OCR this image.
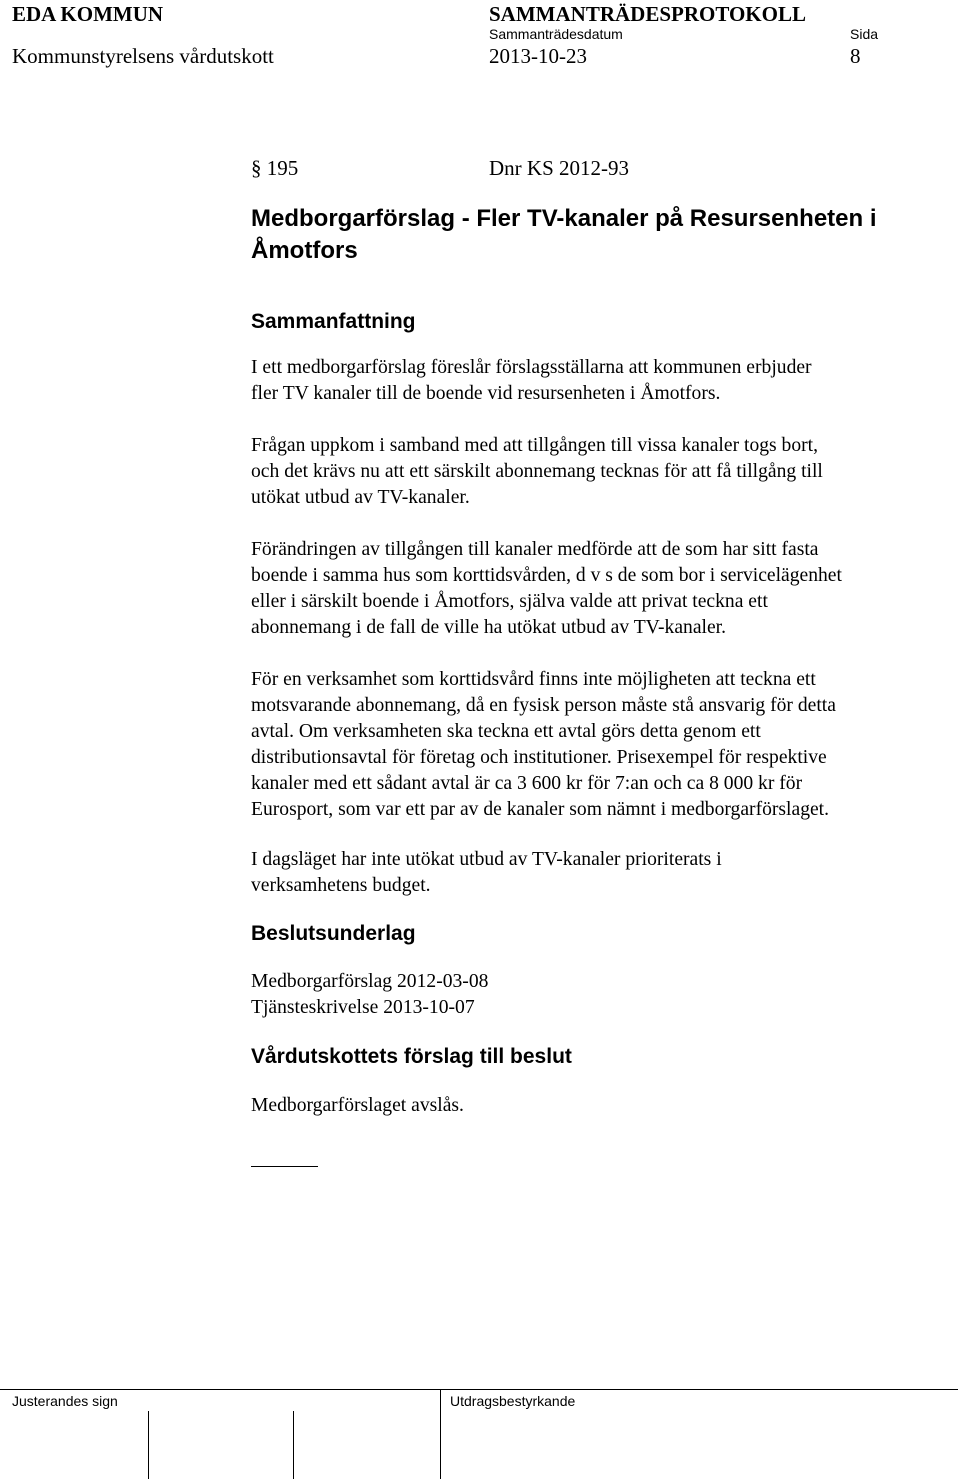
EDA KOMMUN	SAMMANTRÄDESPROTOKOLL
Sammanträdesdatum	Sida
Kommunstyrelsens vårdutskott	2013-10-23	8
§ 195	Dnr KS 2012-93
Medborgarförslag - Fler TV-kanaler på Resursenheten i Åmotfors
Sammanfattning
I ett medborgarförslag föreslår förslagsställarna att kommunen erbjuder
fler TV kanaler till de boende vid resursenheten i Åmotfors.
Frågan uppkom i samband med att tillgången till vissa kanaler togs bort,
och det krävs nu att ett särskilt abonnemang tecknas för att få tillgång till
utökat utbud av TV-kanaler.
Förändringen av tillgången till kanaler medförde att de som har sitt fasta
boende i samma hus som korttidsvården, d v s de som bor i servicelägenhet
eller i särskilt boende i Åmotfors, själva valde att privat teckna ett
abonnemang i de fall de ville ha utökat utbud av TV-kanaler.
För en verksamhet som korttidsvård finns inte möjligheten att teckna ett
motsvarande abonnemang, då en fysisk person måste stå ansvarig för detta
avtal. Om verksamheten ska teckna ett avtal görs detta genom ett
distributionsavtal för företag och institutioner. Prisexempel för respektive
kanaler med ett sådant avtal är ca 3 600 kr för 7:an och ca 8 000 kr för
Eurosport, som var ett par av de kanaler som nämnt i medborgarförslaget.
I dagsläget har inte utökat utbud av TV-kanaler prioriterats i
verksamhetens budget.
Beslutsunderlag
Medborgarförslag 2012-03-08
Tjänsteskrivelse 2013-10-07
Vårdutskottets förslag till beslut
Medborgarförslaget avslås.
Justerandes sign	Utdragsbestyrkande
